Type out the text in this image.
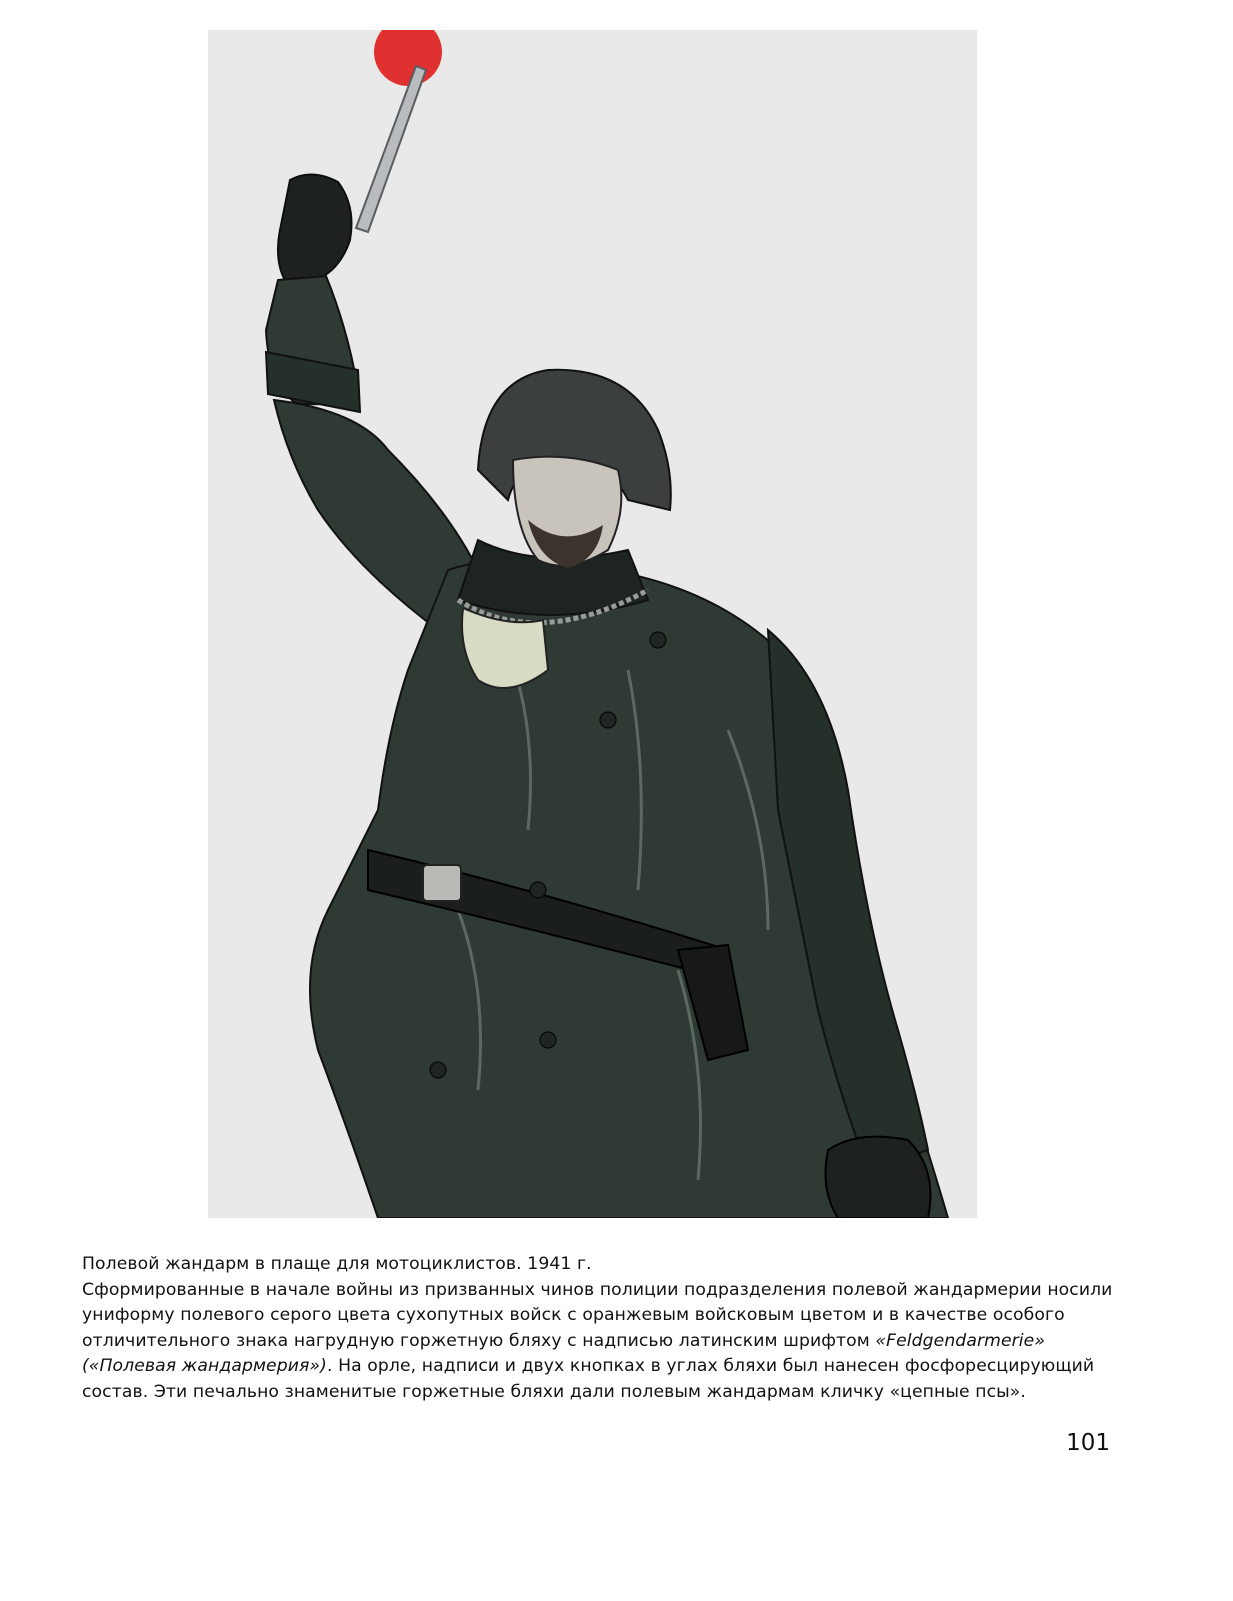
Полевой жандарм в плаще для мотоциклистов. 1941 г.

Сформированные в начале войны из призванных чинов полиции подразделения полевой жандармерии носили униформу полевого серого цвета сухопутных войск с оранжевым войсковым цветом и в качестве особого отличительного знака нагрудную горжетную бляху с надписью латинским шрифтом «Feldgendarmerie» («Полевая жандармерия»). На орле, надписи и двух кнопках в углах бляхи был нанесен фосфоресцирующий состав. Эти печально знаменитые горжетные бляхи дали полевым жандармам кличку «цепные псы».

101
